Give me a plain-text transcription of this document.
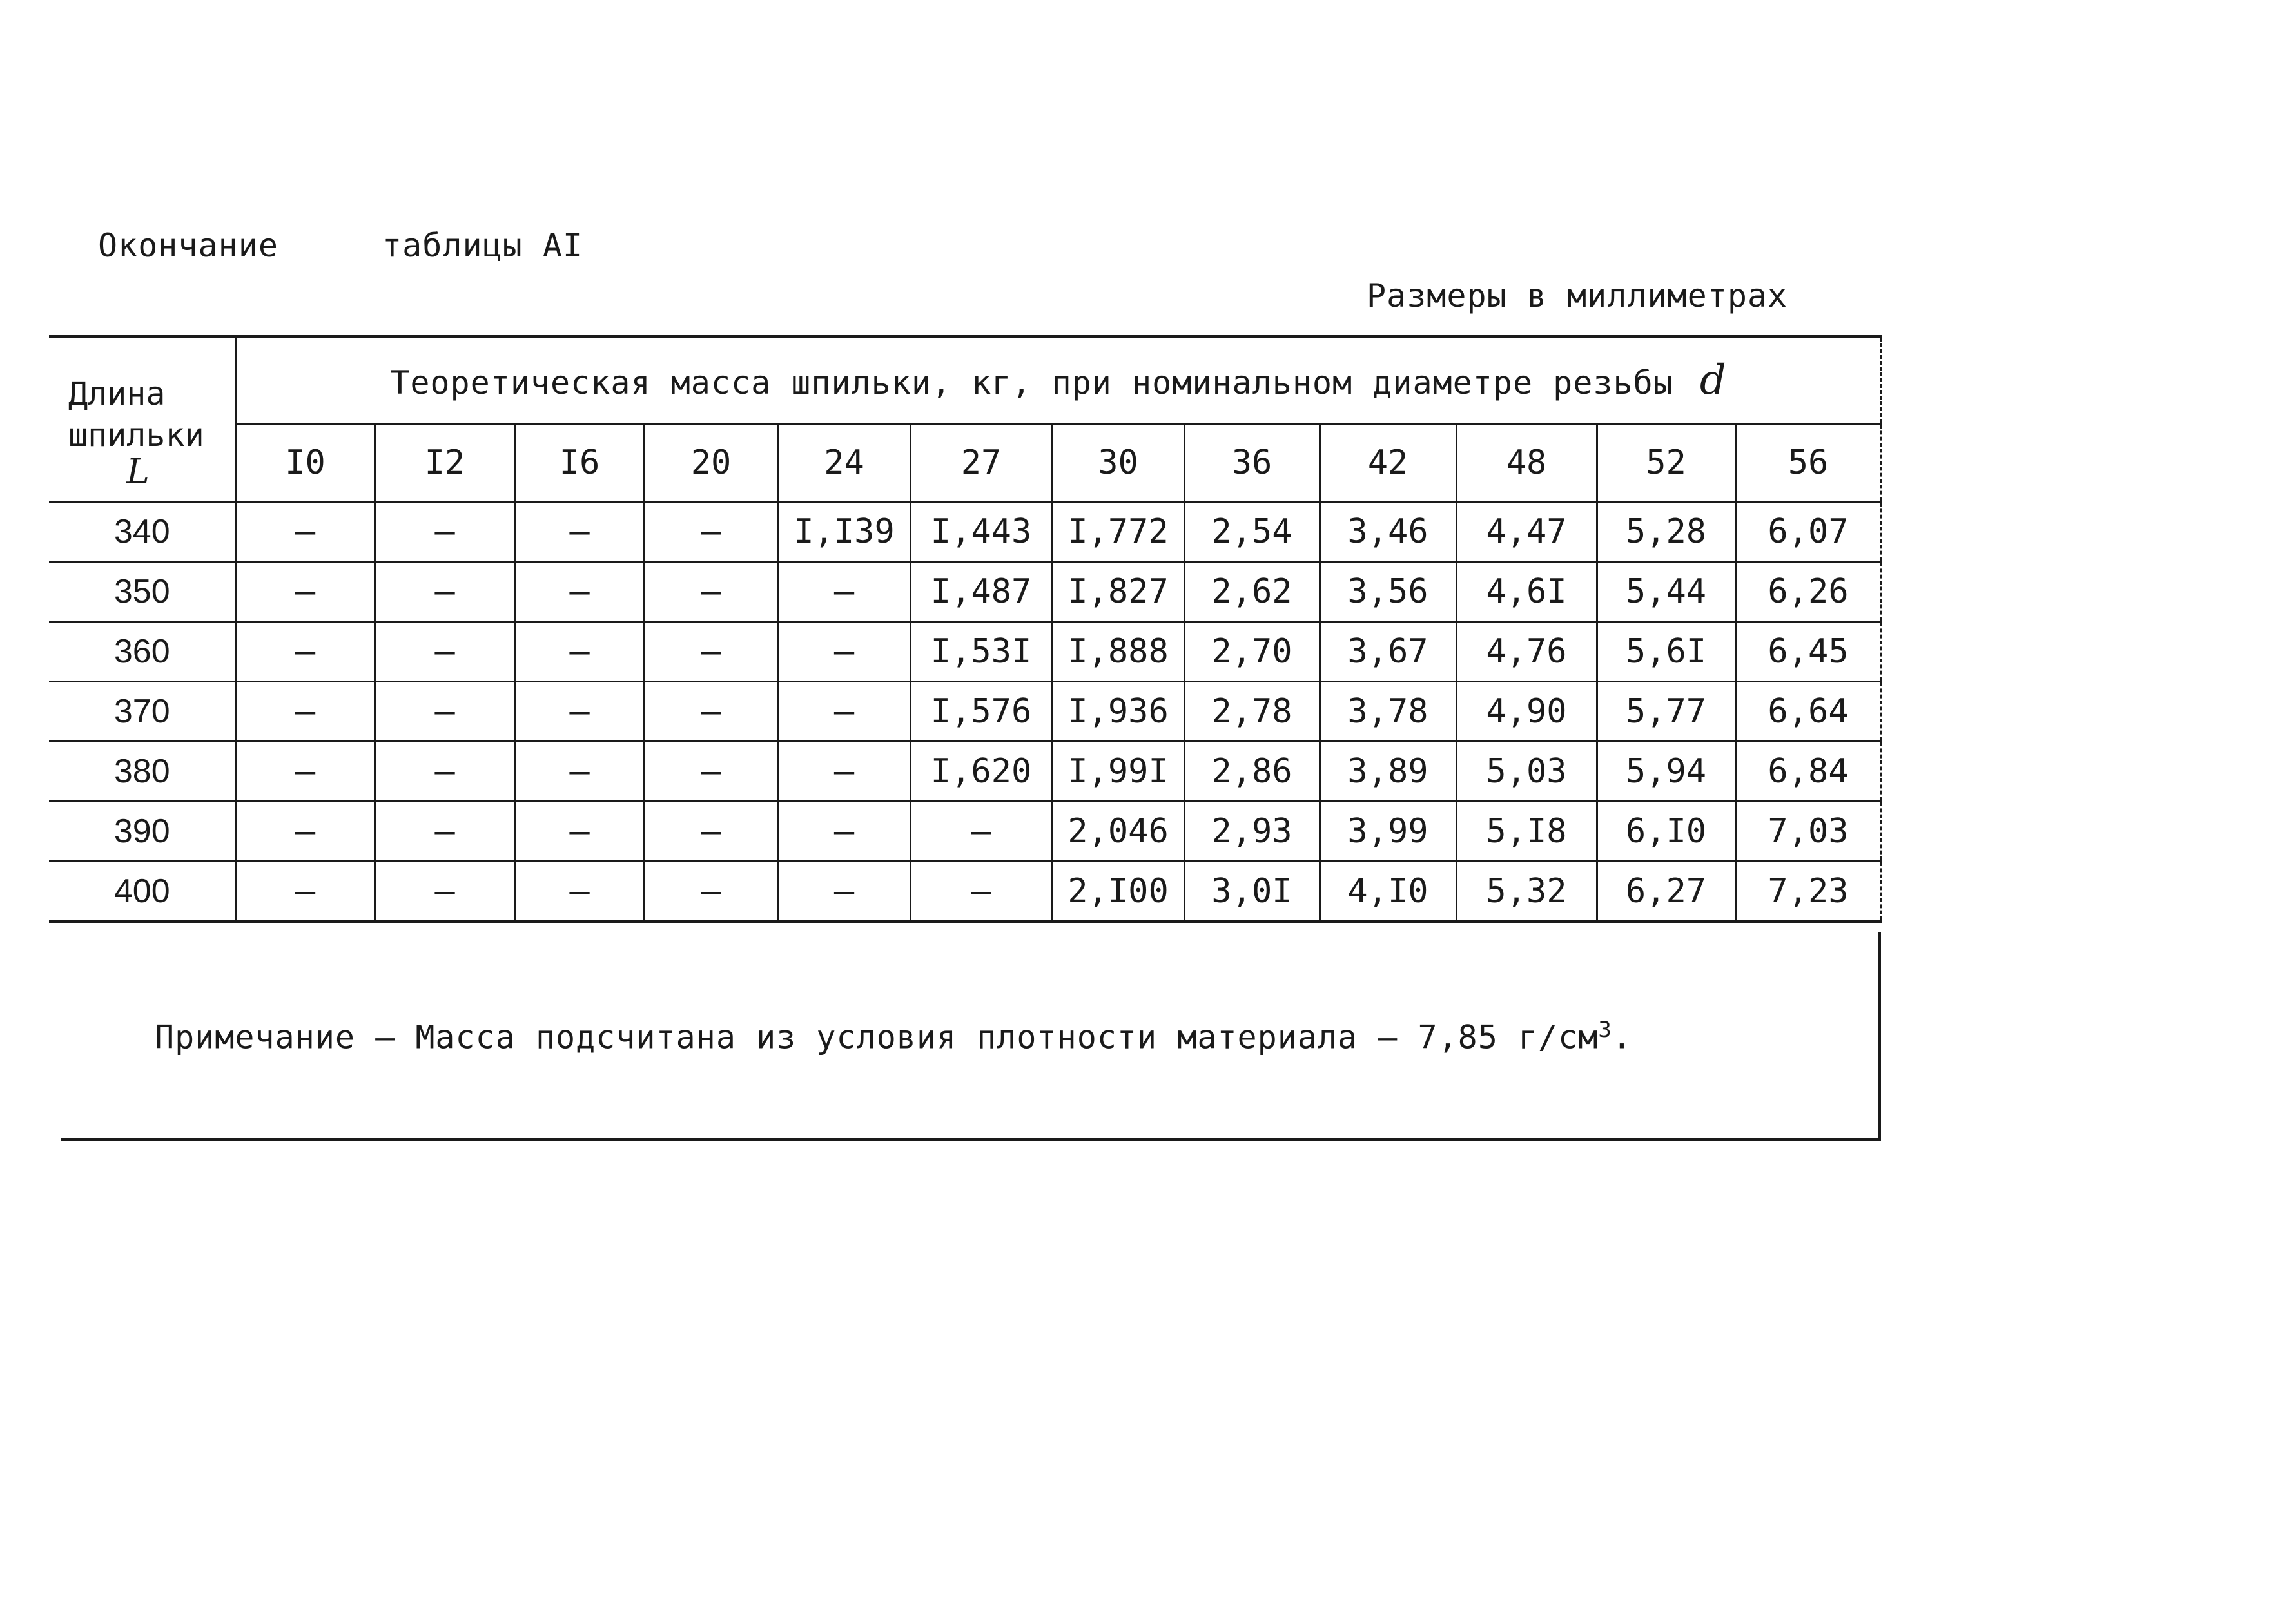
Окончание	таблицы АI
Размеры в миллиметрах
Длина шпильки
L	Теоретическая масса шпильки, кг, при номинальном диаметре резьбы d											
	I0	I2	I6	20	24	27	30	36	42	48	52	56
340	–	–	–	–	I,I39	I,443	I,772	2,54	3,46	4,47	5,28	6,07
350	–	–	–	–	–	I,487	I,827	2,62	3,56	4,6I	5,44	6,26
360	–	–	–	–	–	I,53I	I,888	2,70	3,67	4,76	5,6I	6,45
370	–	–	–	–	–	I,576	I,936	2,78	3,78	4,90	5,77	6,64
380	–	–	–	–	–	I,620	I,99I	2,86	3,89	5,03	5,94	6,84
390	–	–	–	–	–	–	2,046	2,93	3,99	5,I8	6,I0	7,03
400	–	–	–	–	–	–	2,I00	3,0I	4,I0	5,32	6,27	7,23
Примечание – Масса подсчитана из условия плотности материала – 7,85 $г/см^3$.
